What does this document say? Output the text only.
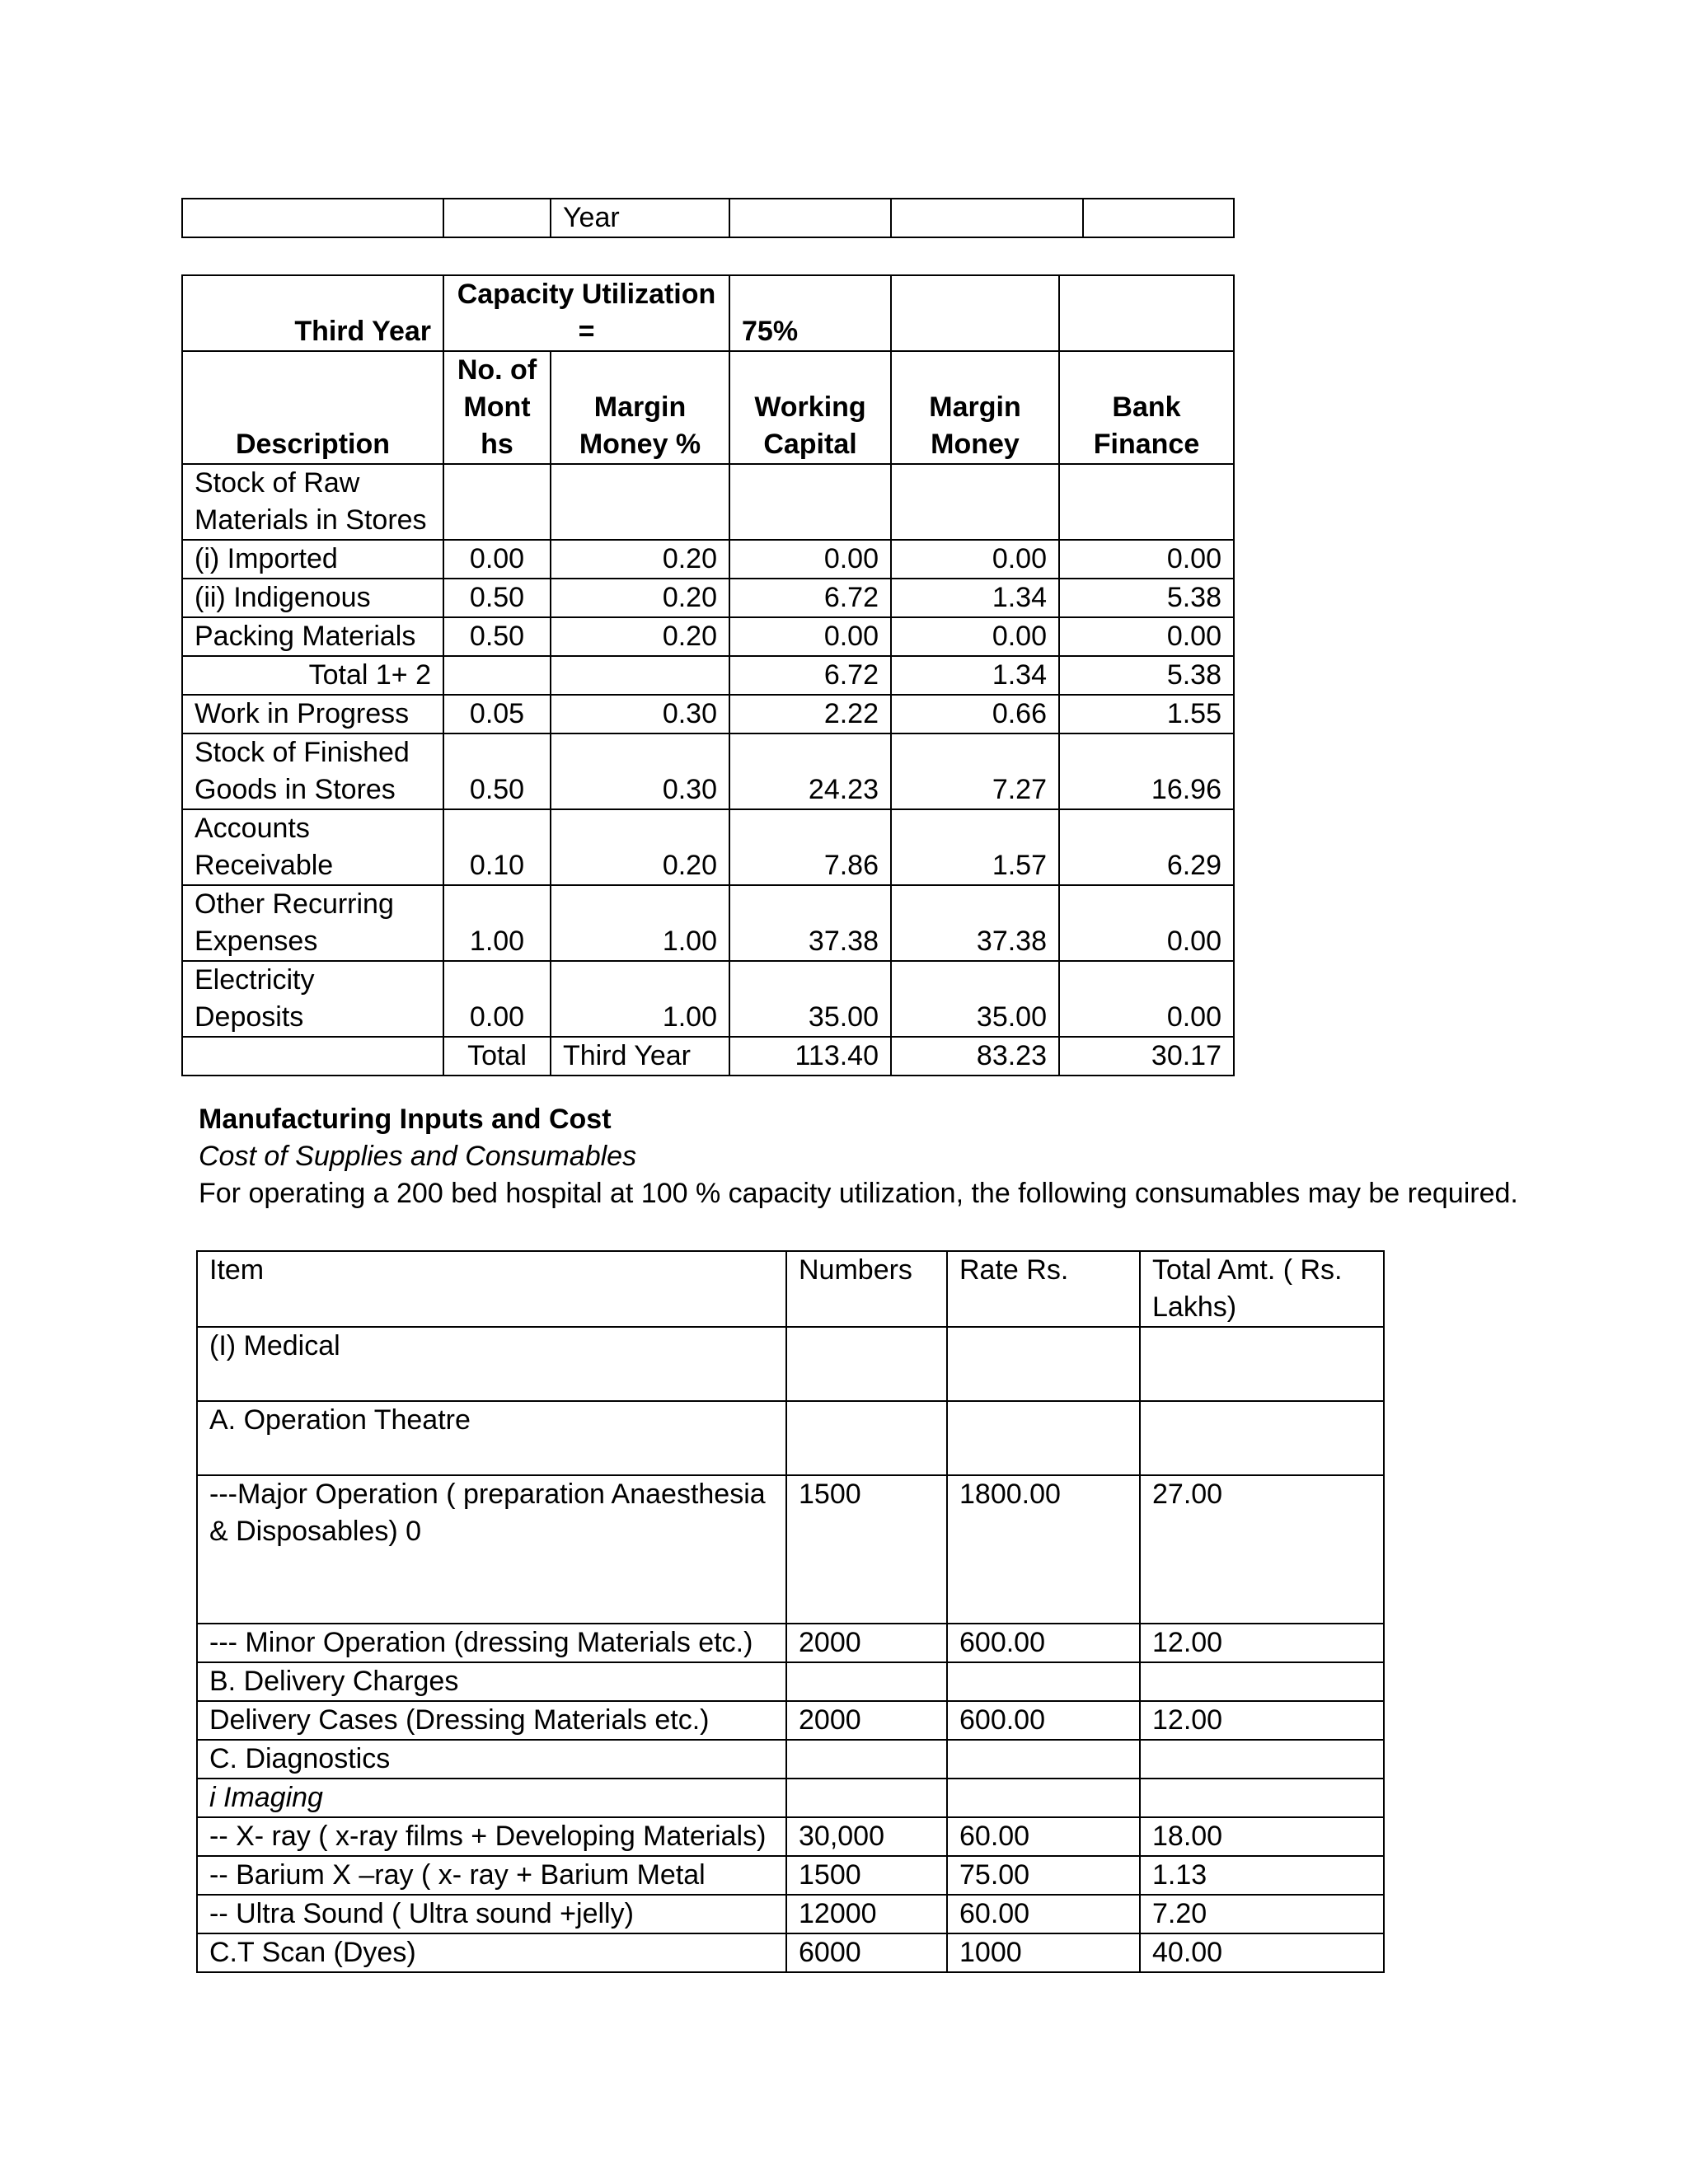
		Year			
Third Year	Capacity Utilization =		75%		
Description	No. of Mont hs	Margin Money %	Working Capital	Margin Money	Bank Finance
Stock of Raw Materials in Stores					
(i) Imported	0.00	0.20	0.00	0.00	0.00
(ii) Indigenous	0.50	0.20	6.72	1.34	5.38
Packing Materials	0.50	0.20	0.00	0.00	0.00
Total 1+ 2			6.72	1.34	5.38
Work in Progress	0.05	0.30	2.22	0.66	1.55
Stock of Finished Goods in Stores	0.50	0.30	24.23	7.27	16.96
Accounts Receivable	0.10	0.20	7.86	1.57	6.29
Other Recurring Expenses	1.00	1.00	37.38	37.38	0.00
Electricity Deposits	0.00	1.00	35.00	35.00	0.00
	Total	Third Year	113.40	83.23	30.17
Manufacturing Inputs and Cost
Cost of Supplies and Consumables
For operating a 200 bed hospital at 100 % capacity utilization, the following consumables may be required.
Item	Numbers	Rate Rs.	Total Amt. ( Rs. Lakhs)
(I) Medical			
A. Operation Theatre			
---Major Operation ( preparation Anaesthesia & Disposables) 0	1500	1800.00	27.00
--- Minor Operation (dressing Materials etc.)	2000	600.00	12.00
B. Delivery Charges			
Delivery Cases (Dressing Materials etc.)	2000	600.00	12.00
C. Diagnostics			
i Imaging			
-- X- ray ( x-ray films + Developing Materials)	30,000	60.00	18.00
-- Barium X –ray ( x- ray + Barium Metal	1500	75.00	1.13
-- Ultra Sound ( Ultra sound +jelly)	12000	60.00	7.20
C.T Scan (Dyes)	6000	1000	40.00
